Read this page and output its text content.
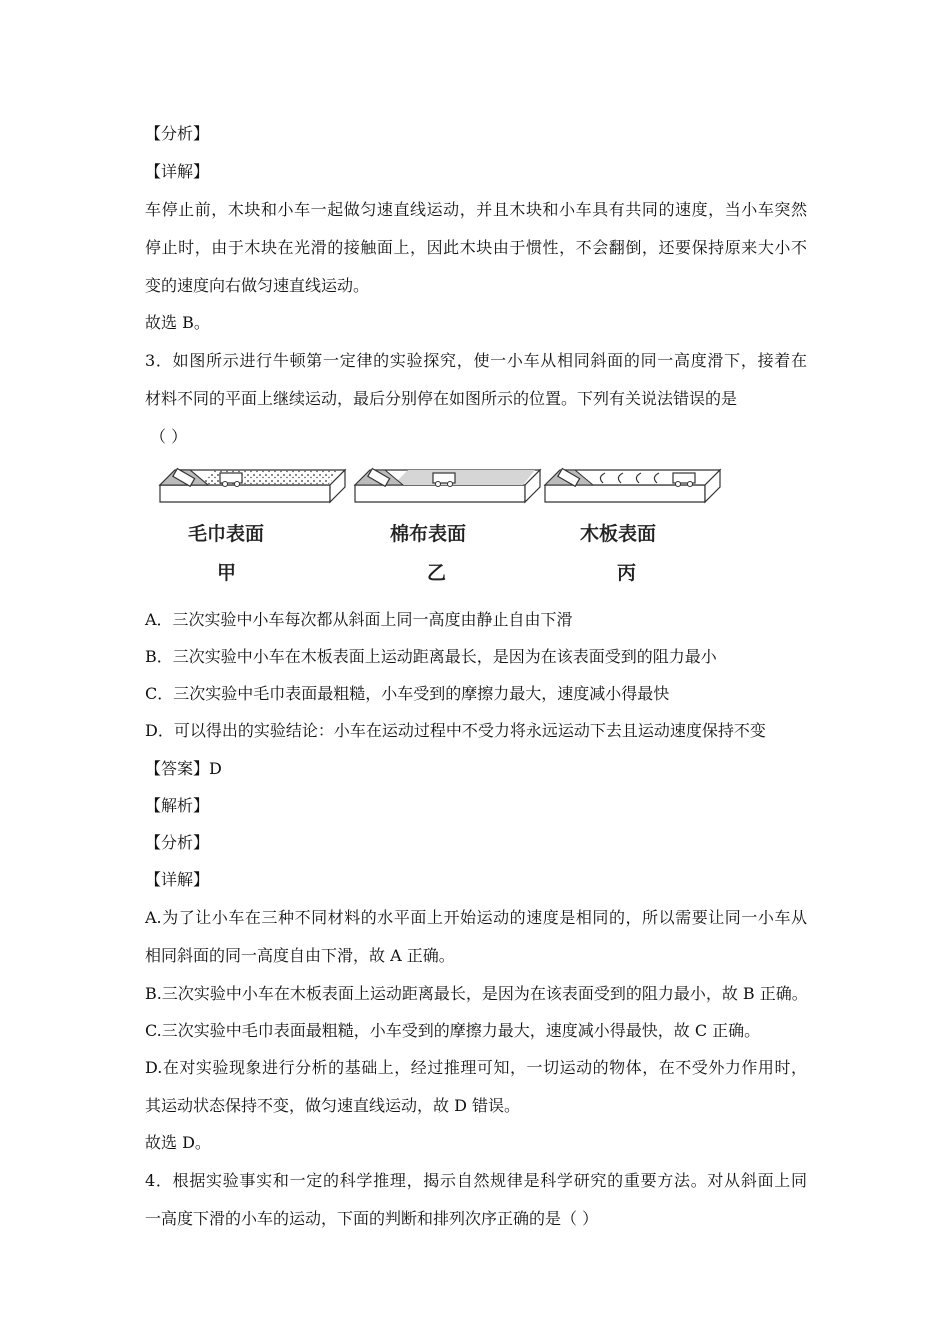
【分析】
【详解】
车停止前，木块和小车一起做匀速直线运动，并且木块和小车具有共同的速度，当小车突然
停止时，由于木块在光滑的接触面上，因此木块由于惯性，不会翻倒，还要保持原来大小不
变的速度向右做匀速直线运动。
故选 B。
3．如图所示进行牛顿第一定律的实验探究，使一小车从相同斜面的同一高度滑下，接着在
材料不同的平面上继续运动，最后分别停在如图所示的位置。下列有关说法错误的是
（ ）
毛巾表面	棉布表面	木板表面
甲	乙	丙
A．三次实验中小车每次都从斜面上同一高度由静止自由下滑
B．三次实验中小车在木板表面上运动距离最长，是因为在该表面受到的阻力最小
C．三次实验中毛巾表面最粗糙，小车受到的摩擦力最大，速度减小得最快
D．可以得出的实验结论：小车在运动过程中不受力将永远运动下去且运动速度保持不变
【答案】D
【解析】
【分析】
【详解】
A.为了让小车在三种不同材料的水平面上开始运动的速度是相同的，所以需要让同一小车从
相同斜面的同一高度自由下滑，故 A 正确。
B.三次实验中小车在木板表面上运动距离最长，是因为在该表面受到的阻力最小，故 B 正确。
C.三次实验中毛巾表面最粗糙，小车受到的摩擦力最大，速度减小得最快，故 C 正确。
D.在对实验现象进行分析的基础上，经过推理可知，一切运动的物体，在不受外力作用时，
其运动状态保持不变，做匀速直线运动，故 D 错误。
故选 D。
4．根据实验事实和一定的科学推理，揭示自然规律是科学研究的重要方法。对从斜面上同
一高度下滑的小车的运动，下面的判断和排列次序正确的是（ ）
